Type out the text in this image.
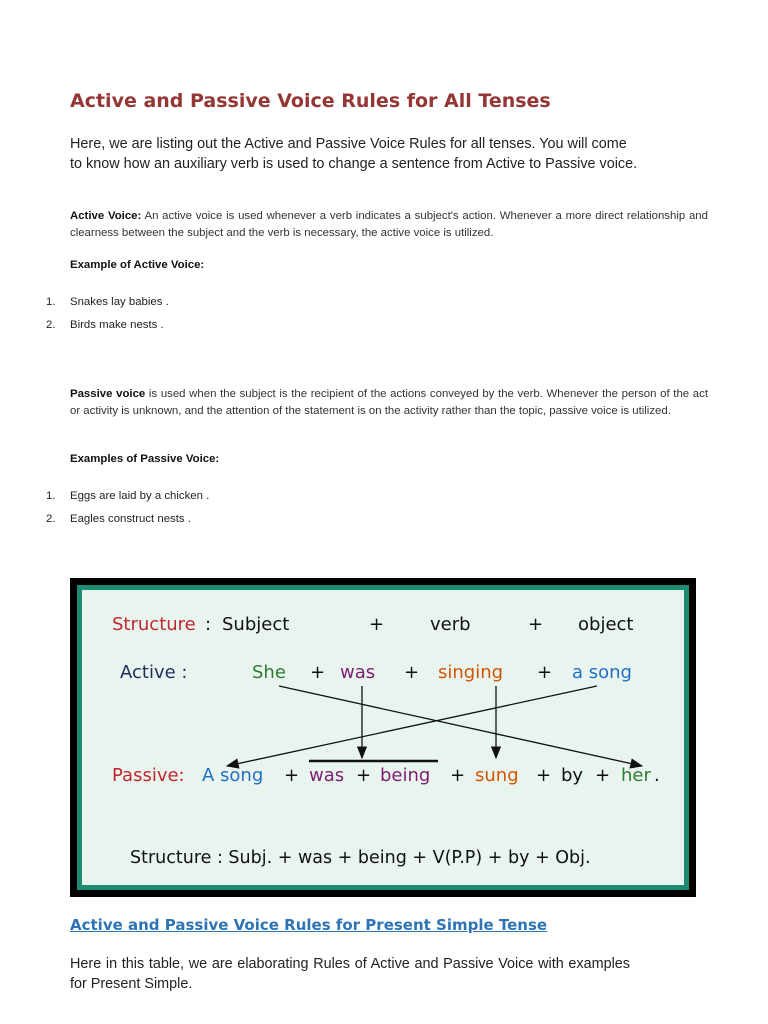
Active and Passive Voice Rules for All Tenses

Here, we are listing out the Active and Passive Voice Rules for all tenses. You will come to know how an auxiliary verb is used to change a sentence from Active to Passive voice.

Active Voice: An active voice is used whenever a verb indicates a subject's action. Whenever a more direct relationship and clearness between the subject and the verb is necessary, the active voice is utilized.

Example of Active Voice:

1. Snakes lay babies .
2. Birds make nests .

Passive voice is used when the subject is the recipient of the actions conveyed by the verb. Whenever the person of the act or activity is unknown, and the attention of the statement is on the activity rather than the topic, passive voice is utilized.

Examples of Passive Voice:

1. Eggs are laid by a chicken .
2. Eagles construct nests .
Structure : Subject	+	verb	+ object
Active :	She + was + singing + a song
Passive: A song + was + being + sung + by + her .
Structure : Subj. + was + being + V(P.P) + by + Obj.

Active and Passive Voice Rules for Present Simple Tense

Here in this table, we are elaborating Rules of Active and Passive Voice with examples for Present Simple.
